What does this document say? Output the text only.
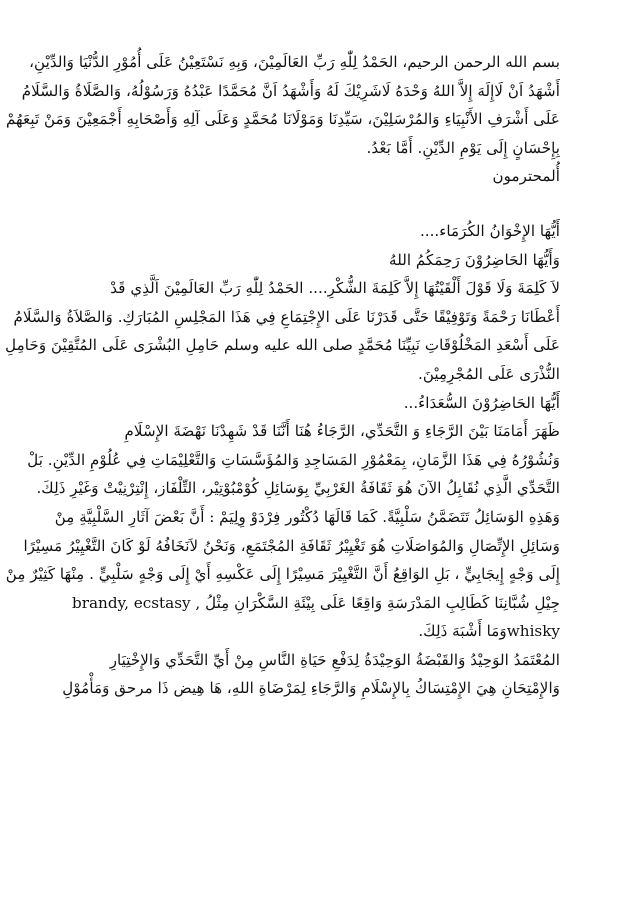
بسم الله الرحمن الرحيم، الحَمْدُ لِلّٰهِ رَبِّ العَالَمِيْنَ، وَبِهِ نَسْتَعِيْنُ عَلَى أُمُوْرِ الدُّنْيَا وَالدِّيْنِ،
أَشْهَدُ اَنْ لَاإِلَهَ إِلاَّ اللهُ وَحْدَهُ لَاشَرِيْكَ لَهُ وَأَشْهَدُ اَنَّ مُحَمَّدًا عَبْدُهُ وَرَسُوْلُهُ، وَالصَّلَاةُ وَالسَّلَامُ
عَلَى أَشْرَفِ الأَنْبِيَاءِ وَالمُرْسَلِيْنَ، سَيِّدِنَا وَمَوْلَانَا مُحَمَّدٍ وَعَلَى آلِهِ وَأَصْحَابِهِ أَجْمَعِيْنَ وَمَنْ تَبِعَهُمْ
بِإِحْسَانٍ إِلَى يَوْمِ الدِّيْنِ. أَمَّا بَعْدُ.
أُلمحترمون
أَيُّهَا الإِخْوَانُ الكُرَمَاء....
وَأَيُّهَا الحَاضِرُوْنَ رَحِمَكُمُ اللهُ
لاَ كَلِمَةَ وَلَا قَوْلَ أَلْقَيْتُهَا إِلاَّ كَلِمَةَ الشُّكْرِ.... الحَمْدُ لِلّٰهِ رَبِّ العَالَمِيْنَ اَلَّذِي قَدْ
أَعْطَانَا رَحْمَةً وَتَوْفِيْقًا حَتَّى قَدَرْنَا عَلَى الإِجْتِمَاعِ فِي هَذَا المَجْلِسِ المُبَارَكِ. وَالصَّلاَةُ وَالسَّلَامُ
عَلَى أَسْعَدِ المَخْلُوْقَاتِ نَبِيِّنَا مُحَمَّدٍ صلى الله عليه وسلم حَامِلِ البُشْرَى عَلَى المُتَّقِيْنَ وَحَامِلِ
النُّذْرَى عَلَى المُجْرِمِيْنَ.
أَيُّهَا الحَاضِرُوْنَ السُّعَدَاءُ...
ظَهَرَ أَمَامَنَا بَيْنَ الرَّجَاءِ وَ التَّحَدِّي، الرَّجَاءُ هُنَا أَنَّنَا قَدْ شَهِدْنَا نَهْضَةَ الإِسْلَامِ
وَنُشُوْرُهُ فِي هَذَا الزَّمَانِ، بِمَعْمُوْرِ المَسَاجِدِ وَالمُؤَسَّسَاتِ وَالتَّعْلِيْمَاتِ فِي عُلُوْمِ الدِّيْنِ. بَلْ
التَّحَدِّي الَّذِي نُقَابِلُ الآنَ هُوَ ثَقَافَةُ الغَرْبِيِّ بِوَسَائِلِ كُوْمْبُوْتِيْر، التِّلْفَاز، إِنْتِرْنِيْتْ وَغَيْرِ ذَلِكَ.
وَهَذِهِ الوَسَائِلُ تَتَضَمَّنُ سَلْبِيَّةً. كَمَا قَالَهَا دُكْتُور فِرْدَوْ وِلِيَمْ : أَنَّ بَعْضَ آثَارِ السَّلْبِيَّةِ مِنْ
وَسَائِلِ الإِتِّصَالِ وَالمُوَاصَلَاتِ هُوَ تَغْيِيْرُ ثَقَافَةِ المُجْتَمَعِ، وَنَحْنُ لاَنَخَافُهُ لَوْ كَانَ التَّغْيِيْرُ مَسِيْرًا
إِلَى وَجْهٍ إِيجَابِيٍّ ، بَلِ الوَاقِعُ أَنَّ التَّغْيِيْرَ مَسِيْرًا إِلَى عَكْسِهِ أَيْ إِلَى وَجْهٍ سَلْبِيٍّ . مِنْهَا كَثِيْرٌ مِنْ
جِيْلِ شُبَّانِنَا كَطَالِبِ المَدْرَسَةِ وَاقِعًا عَلَى بِيْئَةِ السَّكْرَانِ مِثْلُ brandy, ecstasy ,
whiskyوَمَا أَشْبَهَ ذَلِكَ.
المُعْتَمَدُ الوَحِيْدُ وَالقَبْضَةُ الوَحِيْدَةُ لِدَفْعِ حَيَاةِ النَّاسِ مِنْ أَيِّ التَّحَدِّي وَالإِخْتِيَارِ
وَالإِمْتِحَانِ هِيَ الإِمْتِسَاكُ بِالإِسْلَامِ وَالرَّجَاءِ لِمَرْضَاةِ اللهِ، هَا هِيض ذَا مرحق وَمَأْمُوْلِ
